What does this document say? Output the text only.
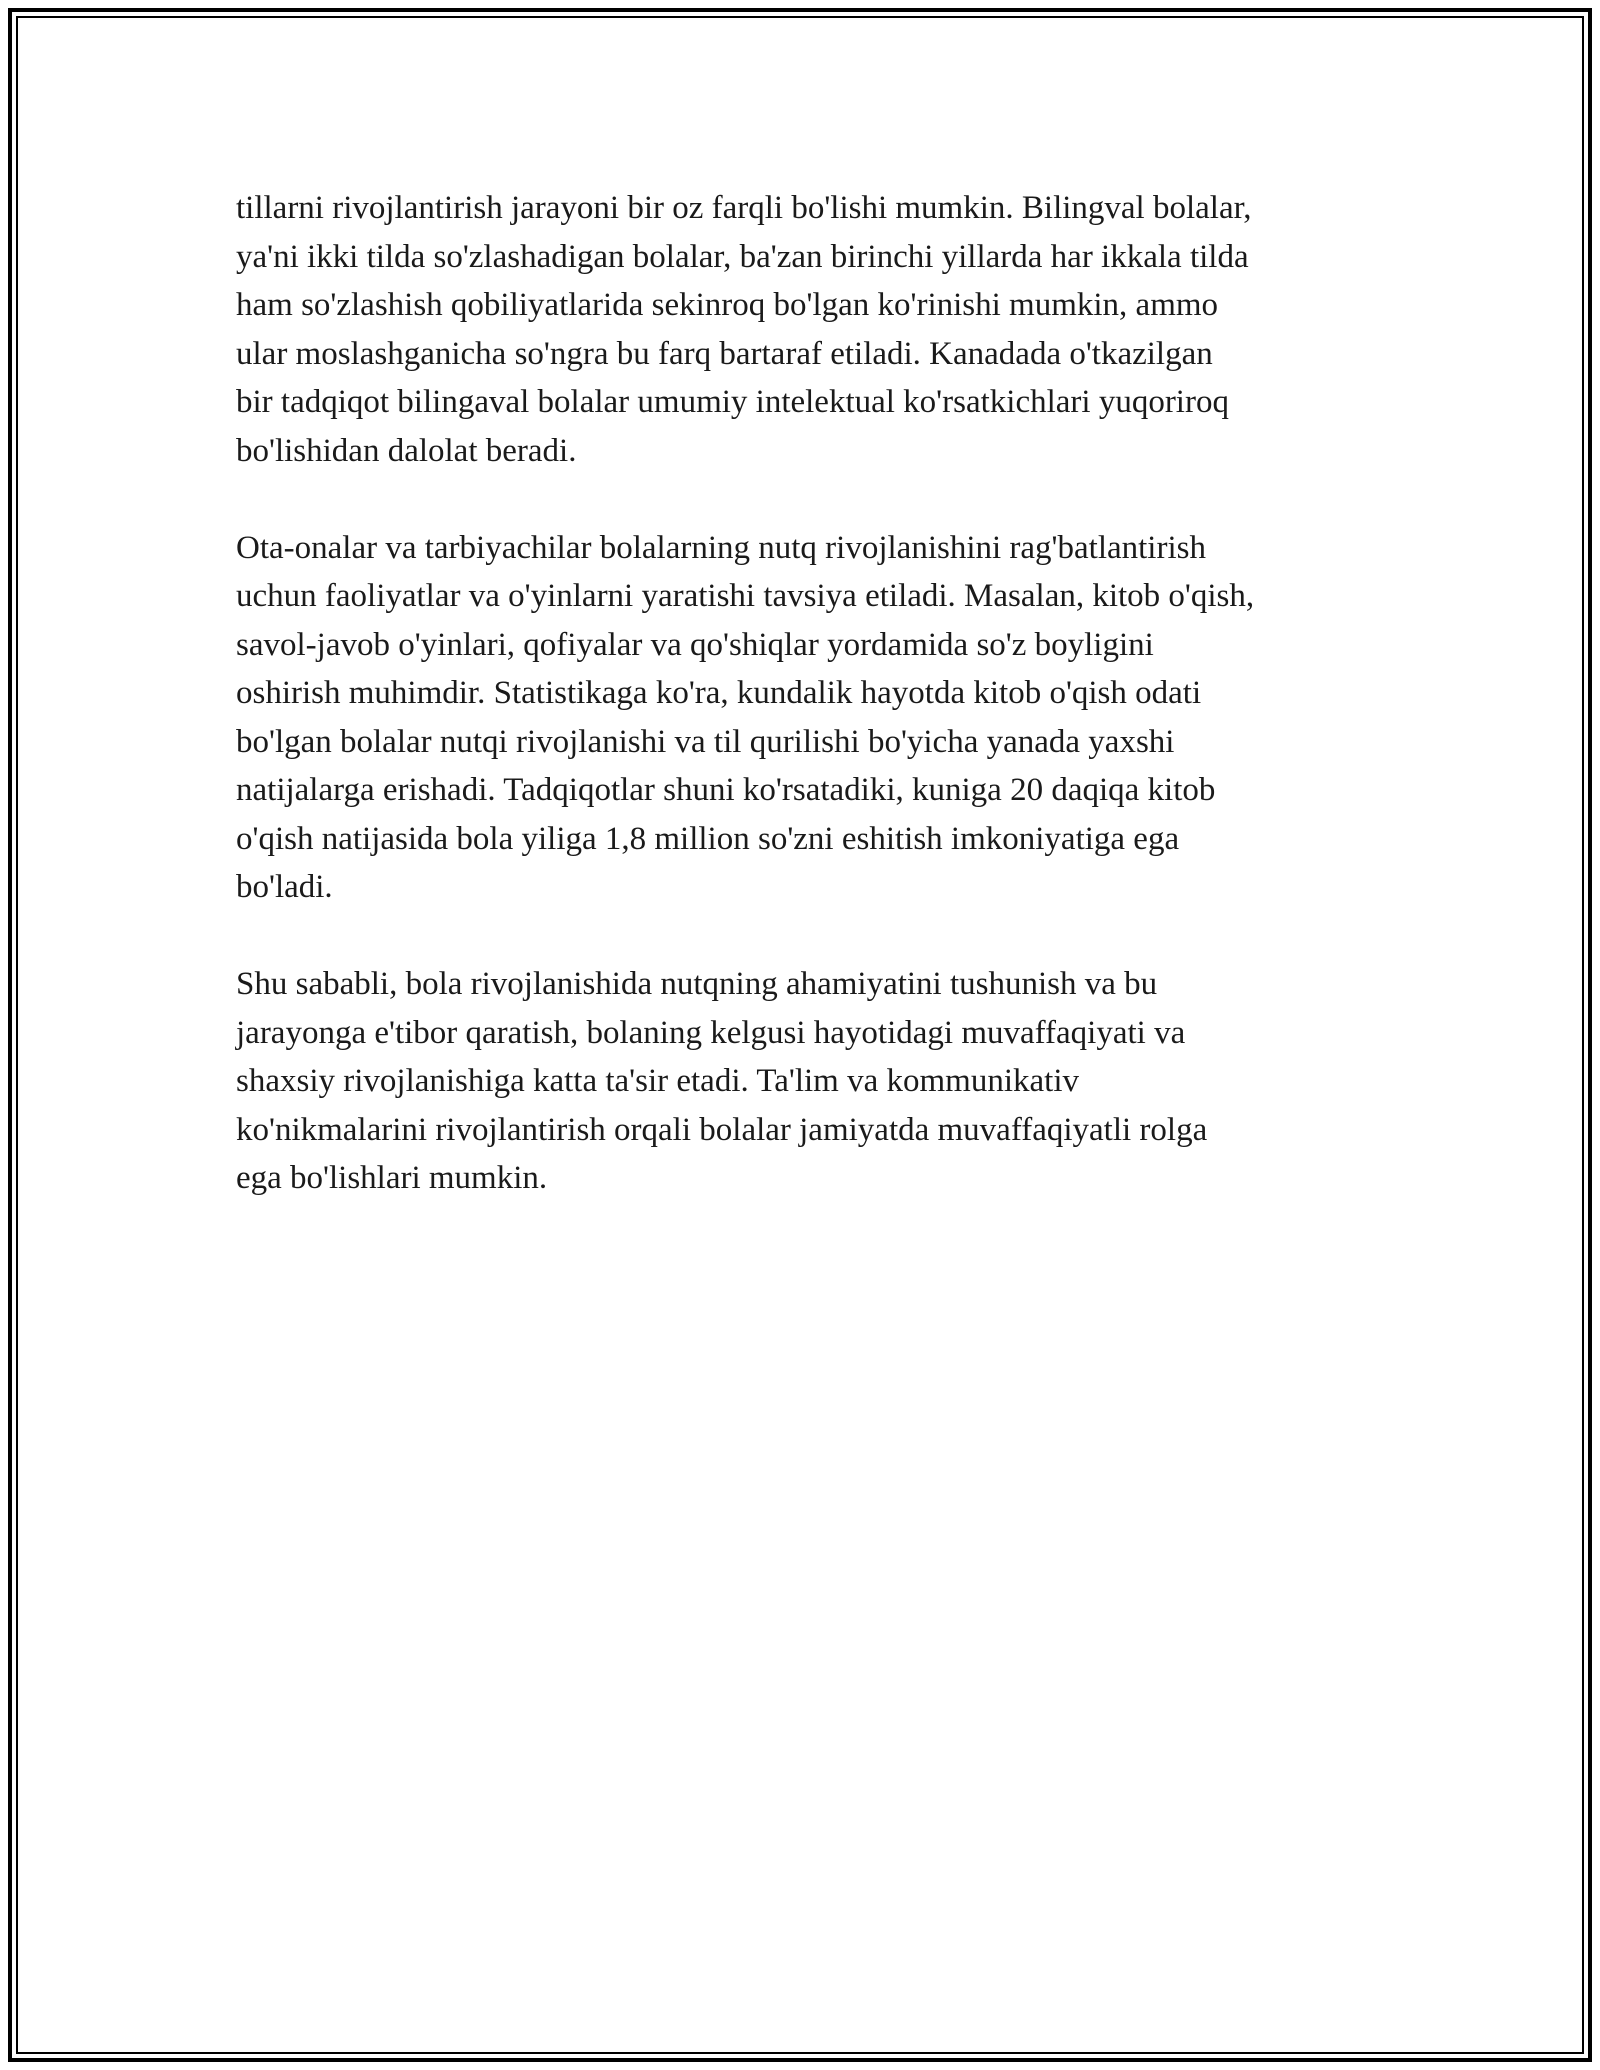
tillarni rivojlantirish jarayoni bir oz farqli bo'lishi mumkin. Bilingval bolalar,
ya'ni ikki tilda so'zlashadigan bolalar, ba'zan birinchi yillarda har ikkala tilda
ham so'zlashish qobiliyatlarida sekinroq bo'lgan ko'rinishi mumkin, ammo
ular moslashganicha so'ngra bu farq bartaraf etiladi. Kanadada o'tkazilgan
bir tadqiqot bilingaval bolalar umumiy intelektual ko'rsatkichlari yuqoriroq
bo'lishidan dalolat beradi.

Ota-onalar va tarbiyachilar bolalarning nutq rivojlanishini rag'batlantirish
uchun faoliyatlar va o'yinlarni yaratishi tavsiya etiladi. Masalan, kitob o'qish,
savol-javob o'yinlari, qofiyalar va qo'shiqlar yordamida so'z boyligini
oshirish muhimdir. Statistikaga ko'ra, kundalik hayotda kitob o'qish odati
bo'lgan bolalar nutqi rivojlanishi va til qurilishi bo'yicha yanada yaxshi
natijalarga erishadi. Tadqiqotlar shuni ko'rsatadiki, kuniga 20 daqiqa kitob
o'qish natijasida bola yiliga 1,8 million so'zni eshitish imkoniyatiga ega
bo'ladi.

Shu sababli, bola rivojlanishida nutqning ahamiyatini tushunish va bu
jarayonga e'tibor qaratish, bolaning kelgusi hayotidagi muvaffaqiyati va
shaxsiy rivojlanishiga katta ta'sir etadi. Ta'lim va kommunikativ
ko'nikmalarini rivojlantirish orqali bolalar jamiyatda muvaffaqiyatli rolga
ega bo'lishlari mumkin.
